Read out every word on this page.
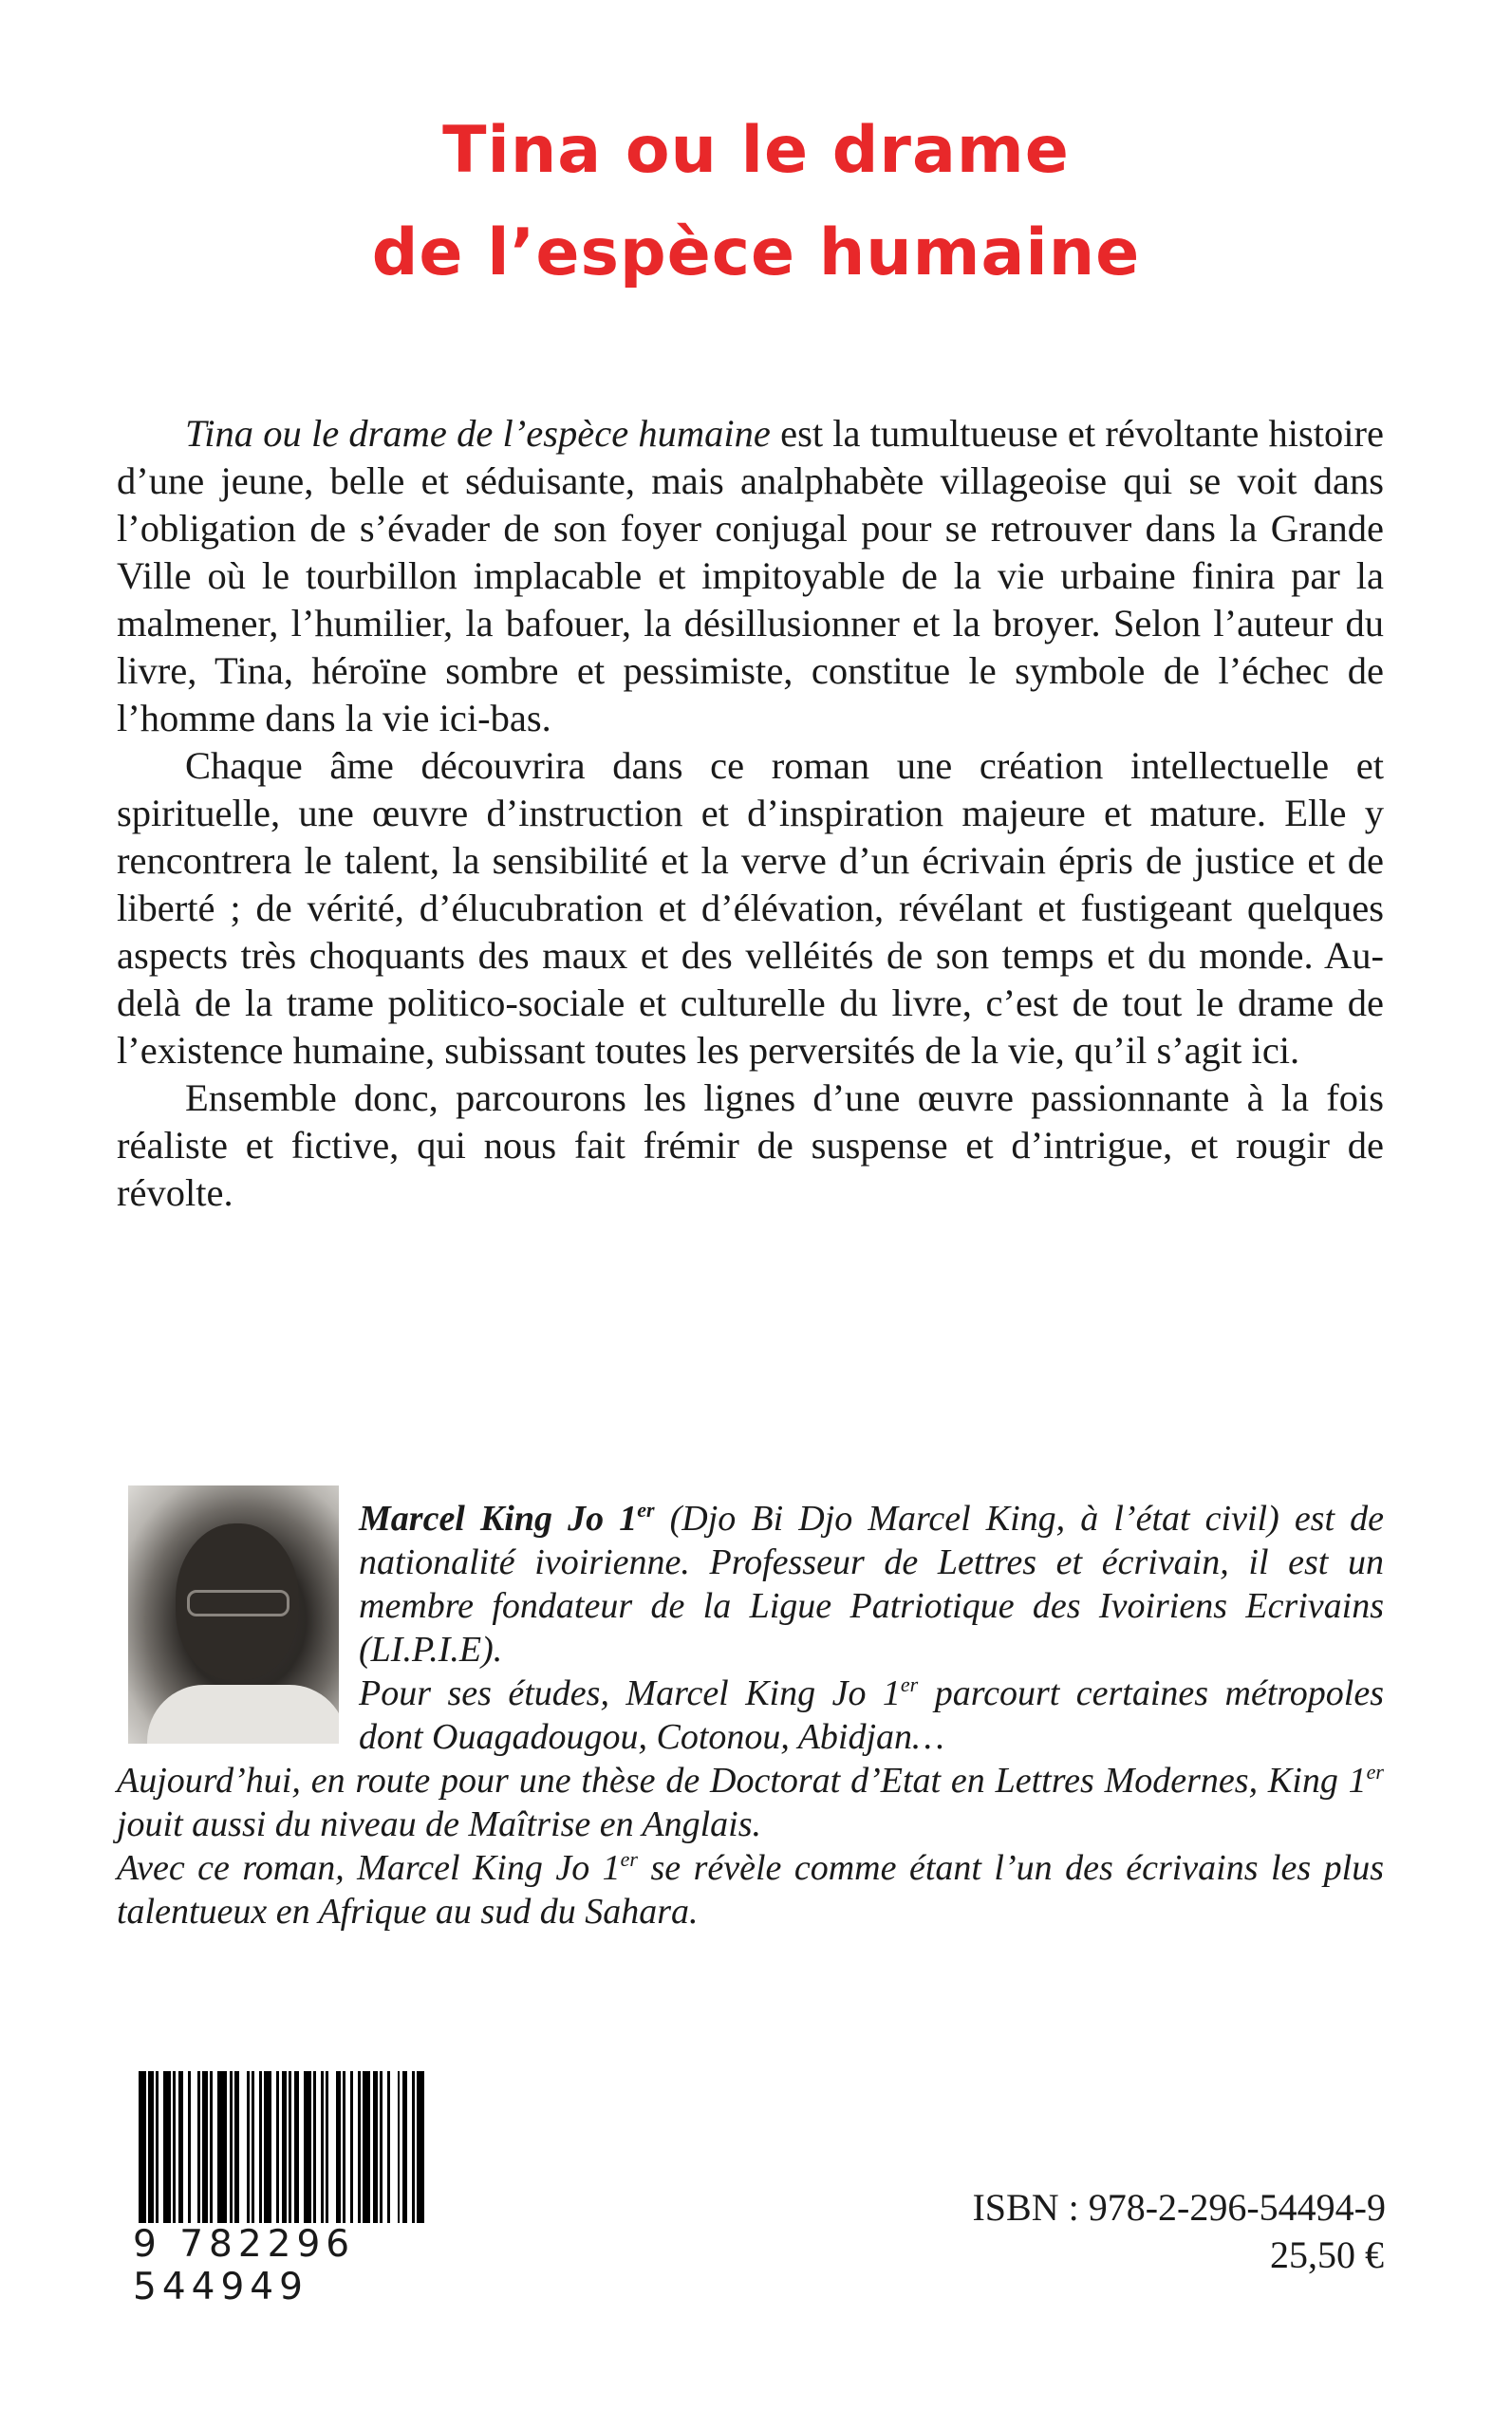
Tina ou le drame
de l’espèce humaine

Tina ou le drame de l’espèce humaine est la tumultueuse et révoltante histoire d’une jeune, belle et séduisante, mais analphabète villageoise qui se voit dans l’obligation de s’évader de son foyer conjugal pour se retrouver dans la Grande Ville où le tourbillon implacable et impitoyable de la vie urbaine finira par la malmener, l’humilier, la bafouer, la désillusionner et la broyer. Selon l’auteur du livre, Tina, héroïne sombre et pessimiste, constitue le symbole de l’échec de l’homme dans la vie ici-bas.

Chaque âme découvrira dans ce roman une création intellectuelle et spirituelle, une œuvre d’instruction et d’inspiration majeure et mature. Elle y rencontrera le talent, la sensibilité et la verve d’un écrivain épris de justice et de liberté ; de vérité, d’élucubration et d’élévation, révélant et fustigeant quelques aspects très choquants des maux et des velléités de son temps et du monde. Au-delà de la trame politico-sociale et culturelle du livre, c’est de tout le drame de l’existence humaine, subissant toutes les perversités de la vie, qu’il s’agit ici.

Ensemble donc, parcourons les lignes d’une œuvre passionnante à la fois réaliste et fictive, qui nous fait frémir de suspense et d’intrigue, et rougir de révolte.

Marcel King Jo 1er (Djo Bi Djo Marcel King, à l’état civil) est de nationalité ivoirienne. Professeur de Lettres et écrivain, il est un membre fondateur de la Ligue Patriotique des Ivoiriens Ecrivains (LI.P.I.E).

Pour ses études, Marcel King Jo 1er parcourt certaines métropoles dont Ouagadougou, Cotonou, Abidjan…

Aujourd’hui, en route pour une thèse de Doctorat d’Etat en Lettres Modernes, King 1er jouit aussi du niveau de Maîtrise en Anglais.

Avec ce roman, Marcel King Jo 1er se révèle comme étant l’un des écrivains les plus talentueux en Afrique au sud du Sahara.

9 782296 544949
ISBN : 978-2-296-54494-9
25,50 €
